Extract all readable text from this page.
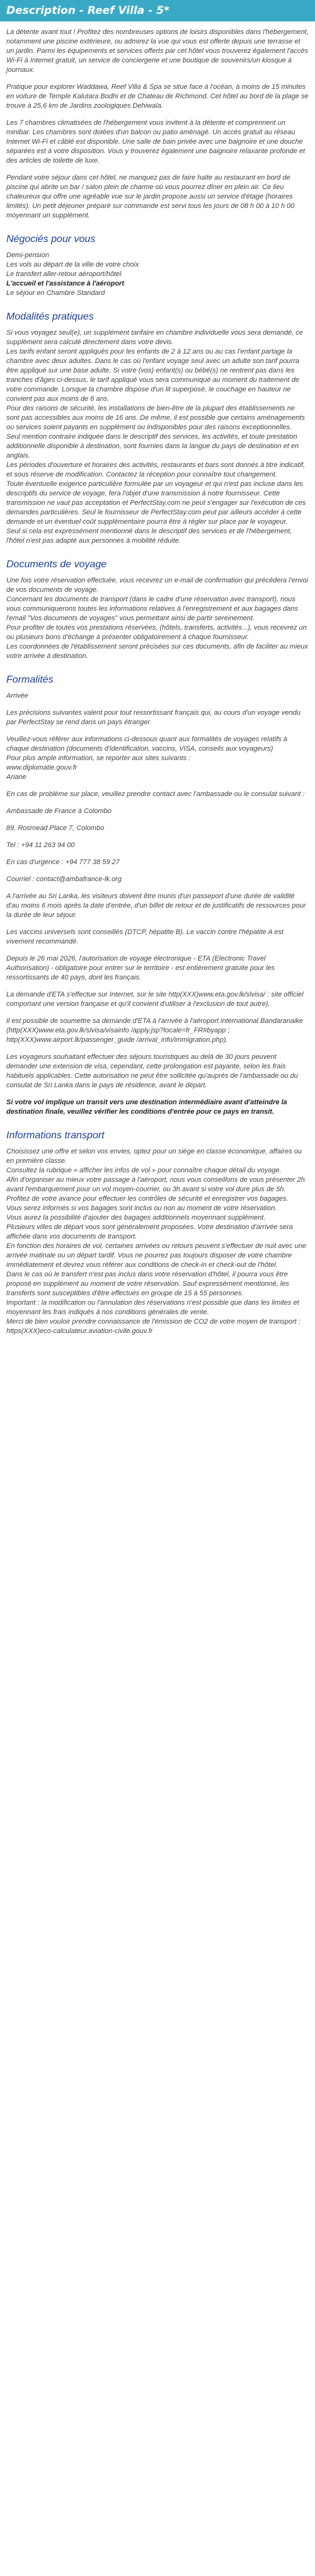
Description - Reef Villa - 5*

La détente avant tout ! Profitez des nombreuses options de loisirs disponibles dans l'hébergement, notamment une piscine extérieure, ou admirez la vue qui vous est offerte depuis une terrasse et un jardin. Parmi les équipements et services offerts par cet hôtel vous trouverez également l'accès Wi-Fi à Internet gratuit, un service de conciergerie et une boutique de souvenirs/un kiosque à journaux.

Pratique pour explorer Waddawa, Reef Villa & Spa se situe face à l'océan, à moins de 15 minutes en voiture de Temple Kalutara Bodhi et de Chateau de Richmond. Cet hôtel au bord de la plage se trouve à 25,6 km de Jardins zoologiques Dehiwala.

Les 7 chambres climatisées de l'hébergement vous invitent à la détente et comprennent un minibar. Les chambres sont dotées d'un balcon ou patio aménagé. Un accès gratuit au réseau Internet Wi-Fi et câblé est disponible. Une salle de bain privée avec une baignoire et une douche séparées est à votre disposition. Vous y trouverez également une baignoire relaxante profonde et des articles de toilette de luxe.

Pendant votre séjour dans cet hôtel, ne manquez pas de faire halte au restaurant en bord de piscine qui abrite un bar / salon plein de charme où vous pourrez dîner en plein air. Ce lieu chaleureux qui offre une agréable vue sur le jardin propose aussi un service d'étage (horaires limités). Un petit déjeuner préparé sur commande est servi tous les jours de 08 h 00 à 10 h 00 moyennant un supplément.

Négociés pour vous

Demi-pension
Les vols au départ de la ville de votre choix
Le transfert aller-retour aéroport/hôtel
L'accueil et l'assistance à l'aéroport
Le séjour en Chambre Standard

Modalités pratiques

Si vous voyagez seul(e), un supplément tarifaire en chambre individuelle vous sera demandé, ce supplément sera calculé directement dans votre devis.

Les tarifs enfant seront appliqués pour les enfants de 2 à 12 ans ou au cas l'enfant partage la chambre avec deux adultes. Dans le cas où l'enfant voyage seul avec un adulte son tarif pourra être appliqué sur une base adulte. Si votre (vos) enfant(s) ou bébé(s) ne rentrent pas dans les tranches d'âges ci-dessus, le tarif appliqué vous sera communiqué au moment du traitement de votre commande. Lorsque la chambre dispose d'un lit superposé, le couchage en hauteur ne convient pas aux moins de 6 ans.

Pour des raisons de sécurité, les installations de bien-être de la plupart des établissements ne sont pas accessibles aux moins de 16 ans. De même, il est possible que certains aménagements ou services soient payants en supplément ou indisponibles pour des raisons exceptionnelles.

Seul mention contraire indiquée dans le descriptif des services, les activités, et toute prestation additionnelle disponible à destination, sont fournies dans la langue du pays de destination et en anglais.

Les périodes d'ouverture et horaires des activités, restaurants et bars sont donnés à titre indicatif, et sous réserve de modification. Contactez la réception pour connaître tout changement.

Toute éventuelle exigence particulière formulée par un voyageur et qui n'est pas incluse dans les descriptifs du service de voyage, fera l'objet d'une transmission à notre fournisseur. Cette transmission ne vaut pas acceptation et PerfectStay.com ne peut s'engager sur l'exécution de ces demandes particulières. Seul le fournisseur de PerfectStay.com peut par ailleurs accéder à cette demande et un éventuel coût supplémentaire pourra être à régler sur place par le voyageur.

Seul si cela est expressément mentionné dans le descriptif des services et de l'hébergement, l'hôtel n'est pas adapté aux personnes à mobilité réduite.

Documents de voyage

Une fois votre réservation effectuée, vous recevrez un e-mail de confirmation qui précédera l'envoi de vos documents de voyage.

Concernant les documents de transport (dans le cadre d'une réservation avec transport), nous vous communiquerons toutes les informations relatives à l'enregistrement et aux bagages dans l'email "Vos documents de voyages" vous permettant ainsi de partir sereinement.

Pour profiter de toutes vos prestations réservées, (hôtels, transferts, activités...), vous recevrez un ou plusieurs bons d'échange à présenter obligatoirement à chaque fournisseur.

Les coordonnées de l'établissement seront précisées sur ces documents, afin de faciliter au mieux votre arrivée à destination.

Formalités

Arrivée

Les précisions suivantes valent pour tout ressortissant français qui, au cours d'un voyage vendu par PerfectStay se rend dans un pays étranger.

Veuillez-vous référer aux informations ci-dessous quant aux formalités de voyages relatifs à chaque destination (documents d'identification, vaccins, VISA, conseils aux voyageurs)

Pour plus ample information, se reporter aux sites suivants :

www.diplomatie.gouv.fr

Ariane

En cas de problème sur place, veuillez prendre contact avec l'ambassade ou le consulat suivant :

Ambassade de France à Colombo

89, Rosmead Place 7, Colombo

Tel : +94 11 263 94 00

En cas d'urgence : +94 777 38 59 27

Courriel : contact@ambafrance-lk.org

A l'arrivée au Sri Lanka, les visiteurs doivent être munis d'un passeport d'une durée de validité d'au moins 6 mois après la date d'entrée, d'un billet de retour et de justificatifs de ressources pour la durée de leur séjour.

Les vaccins universels sont conseillés (DTCP, hépatite B). Le vaccin contre l'hépatite A est vivement recommandé.

Depuis le 26 mai 2026, l'autorisation de voyage électronique - ETA (Electronic Travel Authorisation) - obligatoire pour entrer sur le territoire - est entièrement gratuite pour les ressortissants de 40 pays, dont les français.

La demande d'ETA s'effectue sur Internet, sur le site http(XXX)www.eta.gov.lk/slvisa/ : site officiel comportant une version française et qu'il convient d'utiliser à l'exclusion de tout autre).

Il est possible de soumettre sa demande d'ETA à l'arrivée à l'aéroport international Bandaranaike (http(XXX)www.eta.gov.lk/slvisa/visainfo /apply.jsp?locale=fr_FR#byapp ; http(XXX)www.airport.lk/passenger_guide /arrival_info/immigration.php).

Les voyageurs souhaitant effectuer des séjours touristiques au delà de 30 jours peuvent demander une extension de visa, cependant, cette prolongation est payante, selon les frais habituels applicables. Cette autorisation ne peut être sollicitée qu'auprès de l'ambassade ou du consulat de Sri Lanka dans le pays de résidence, avant le départ.

Si votre vol implique un transit vers une destination intermédiaire avant d'atteindre la destination finale, veuillez vérifier les conditions d'entrée pour ce pays en transit.

Informations transport

Choisissez une offre et selon vos envies, optez pour un siège en classe économique, affaires ou en première classe.

Consultez la rubrique « afficher les infos de vol » pour connaître chaque détail du voyage.

Afin d'organiser au mieux votre passage à l'aéroport, nous vous conseillons de vous présenter 2h avant l'embarquement pour un vol moyen-courrier, ou 3h avant si votre vol dure plus de 5h. Profitez de votre avance pour effectuer les contrôles de sécurité et enregistrer vos bagages.

Vous serez informés si vos bagages sont inclus ou non au moment de votre réservation.

Vous aurez la possibilité d'ajouter des bagages additionnels moyennant supplément.

Plusieurs villes de départ vous sont généralement proposées. Votre destination d'arrivée sera affichée dans vos documents de transport.

En fonction des horaires de vol, certaines arrivées ou retours peuvent s'effectuer de nuit avec une arrivée matinale ou un départ tardif. Vous ne pourrez pas toujours disposer de votre chambre immédiatement et devrez vous référer aux conditions de check-in et check-out de l'hôtel.

Dans le cas où le transfert n'est pas inclus dans votre réservation d'hôtel, il pourra vous être proposé en supplément au moment de votre réservation. Sauf expressément mentionné, les transferts sont susceptibles d'être effectués en groupe de 15 à 55 personnes.

Important : la modification ou l'annulation des réservations n'est possible que dans les limites et moyennant les frais indiqués à nos conditions générales de vente.

Merci de bien vouloir prendre connaissance de l'émission de CO2 de votre moyen de transport : https(XXX)eco-calculateur.aviation-civile.gouv.fr
